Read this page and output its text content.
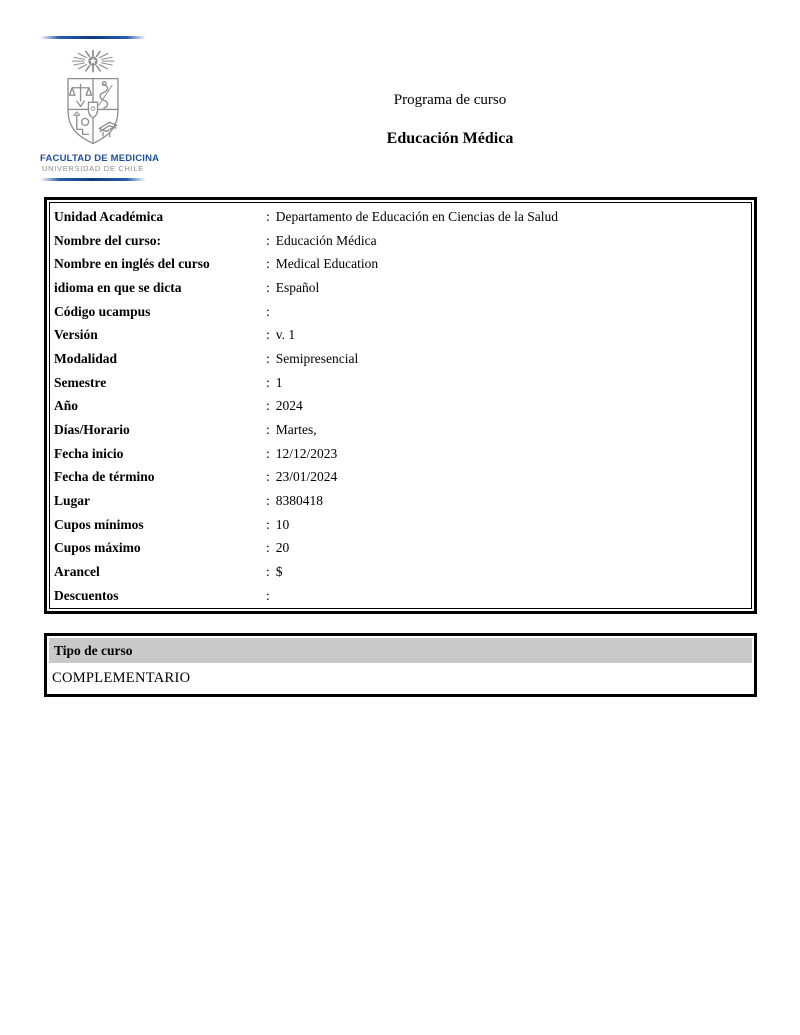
FACULTAD DE MEDICINA
UNIVERSIDAD DE CHILE
Programa de curso
Educación Médica
Unidad Académica	: Departamento de Educación en Ciencias de la Salud
Nombre del curso:	: Educación Médica
Nombre en inglés del curso	: Medical Education
idioma en que se dicta	: Español
Código ucampus	:
Versión	: v. 1
Modalidad	: Semipresencial
Semestre	: 1
Año	: 2024
Días/Horario	: Martes,
Fecha inicio	: 12/12/2023
Fecha de término	: 23/01/2024
Lugar	: 8380418
Cupos mínimos	: 10
Cupos máximo	: 20
Arancel	: $
Descuentos	:
Tipo de curso
COMPLEMENTARIO
